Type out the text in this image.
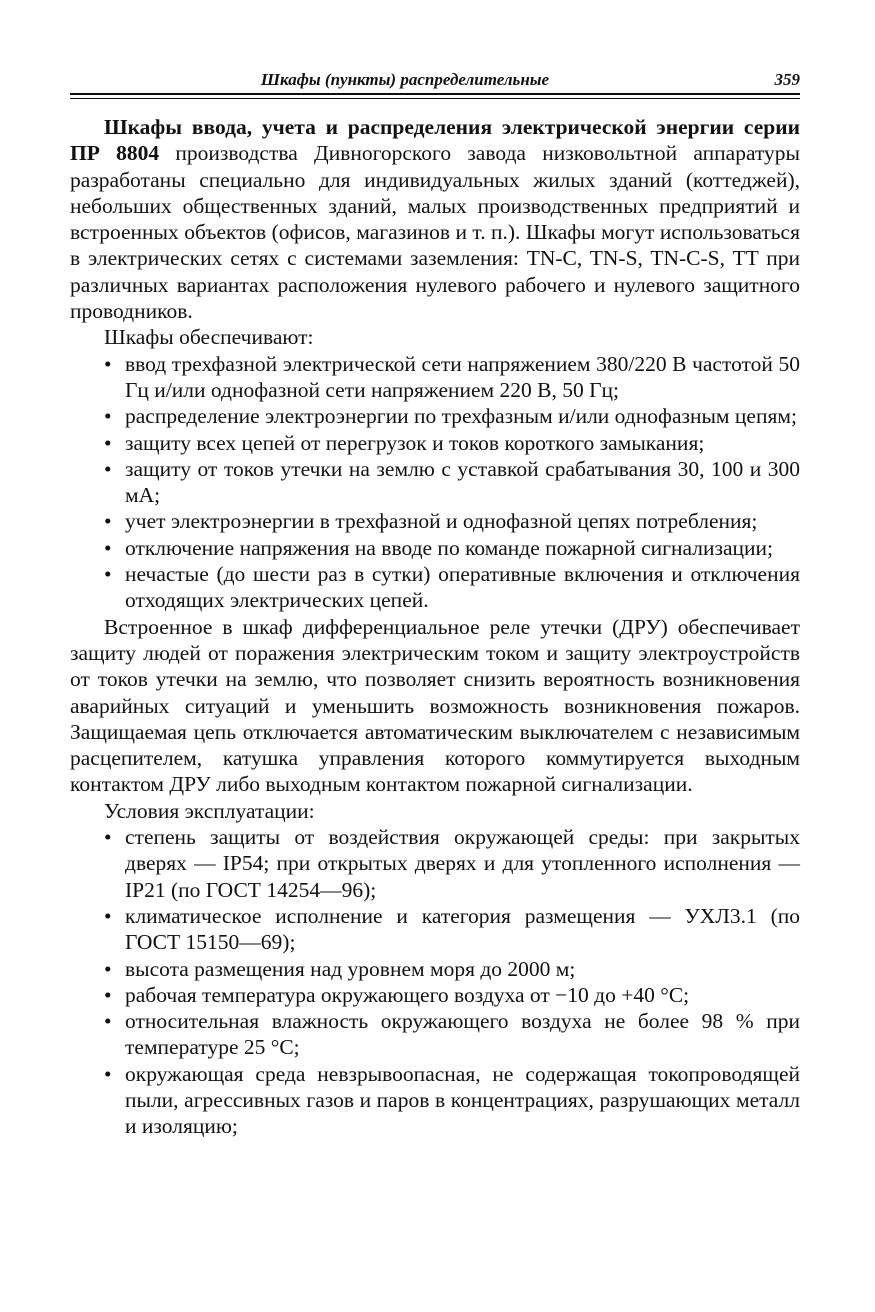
Шкафы (пункты) распределительные	359

Шкафы ввода, учета и распределения электрической энергии серии ПР 8804 производства Дивногорского завода низковольтной аппаратуры разработаны специально для индивидуальных жилых зданий (коттеджей), небольших общественных зданий, малых производственных предприятий и встроенных объектов (офисов, магазинов и т. п.). Шкафы могут использоваться в электрических сетях с системами заземления: TN-C, TN-S, TN-C-S, TT при различных вариантах расположения нулевого рабочего и нулевого защитного проводников.

Шкафы обеспечивают:

• ввод трехфазной электрической сети напряжением 380/220 В частотой 50 Гц и/или однофазной сети напряжением 220 В, 50 Гц;
• распределение электроэнергии по трехфазным и/или однофазным цепям;
• защиту всех цепей от перегрузок и токов короткого замыкания;
• защиту от токов утечки на землю с уставкой срабатывания 30, 100 и 300 мА;
• учет электроэнергии в трехфазной и однофазной цепях потребления;
• отключение напряжения на вводе по команде пожарной сигнализации;
• нечастые (до шести раз в сутки) оперативные включения и отключения отходящих электрических цепей.

Встроенное в шкаф дифференциальное реле утечки (ДРУ) обеспечивает защиту людей от поражения электрическим током и защиту электроустройств от токов утечки на землю, что позволяет снизить вероятность возникновения аварийных ситуаций и уменьшить возможность возникновения пожаров. Защищаемая цепь отключается автоматическим выключателем с независимым расцепителем, катушка управления которого коммутируется выходным контактом ДРУ либо выходным контактом пожарной сигнализации.

Условия эксплуатации:

• степень защиты от воздействия окружающей среды: при закрытых дверях — IP54; при открытых дверях и для утопленного исполнения — IP21 (по ГОСТ 14254—96);
• климатическое исполнение и категория размещения — УХЛ3.1 (по ГОСТ 15150—69);
• высота размещения над уровнем моря до 2000 м;
• рабочая температура окружающего воздуха от −10 до +40 °С;
• относительная влажность окружающего воздуха не более 98 % при температуре 25 °С;
• окружающая среда невзрывоопасная, не содержащая токопроводящей пыли, агрессивных газов и паров в концентрациях, разрушающих металл и изоляцию;
